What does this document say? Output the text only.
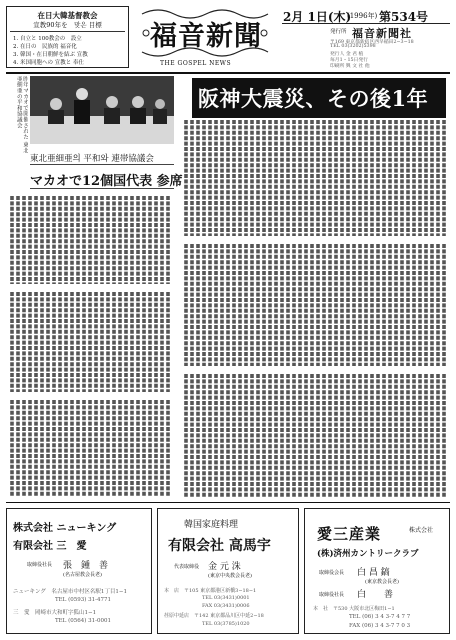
在日大韓基督教会
宣教90年を　맞은 目標
1. 自立と 100教会の　設立
2. 在日の　民族的 福音化
3. 韓国・在日朝鮮を結ぶ 宣教
4. 米国同胞への 宣教と 奉仕
福音新聞
THE GOSPEL NEWS
2月 1日(木)
(1996年) 第534号
発行所 福音新聞社
〒169 東京都新宿区西早稲田2−3−18
TEL 03(3202)5398
発行人 金 君 植
毎月1・15日発行
印刷所 興 文 社 他
昨年マカオで開催された 東北亜細亜の平和協議会
東北亜細亜의 平和와 連帯協議会
マカオで12個国代表 参席
阪神大震災、その後1年
株式会社 ニューキング
有限会社 三　愛
取締役社長 張　鍾　善
(名古屋教会長老)
ニューキング　名古屋市中村区名駅1丁目1−1
TEL (0593) 31-4771
三　愛　岡崎市大和町字狐山1−1
TEL (0564) 31-0001
韓国家庭料理
有限会社 高馬宇
代表取締役 金 元 洙
(東京中央教会長老)
本　店　〒105 東京都港区新橋3−18−1
TEL 03(3431)0001
FAX 03(3431)0006
荏原中延店　〒142 東京都品川区中延2−18
TEL 03(3785)1020
愛三産業	株式会社
(株)済州カントリークラブ
取締役会長 白 昌 鎬
(東京教会長老)
取締役社長 白　　善
本　社　〒530 大阪市北区梅田1−1
TEL (06) 3 4 3-7 4 7 7
FAX (06) 3 4 3-7 7 0 3
